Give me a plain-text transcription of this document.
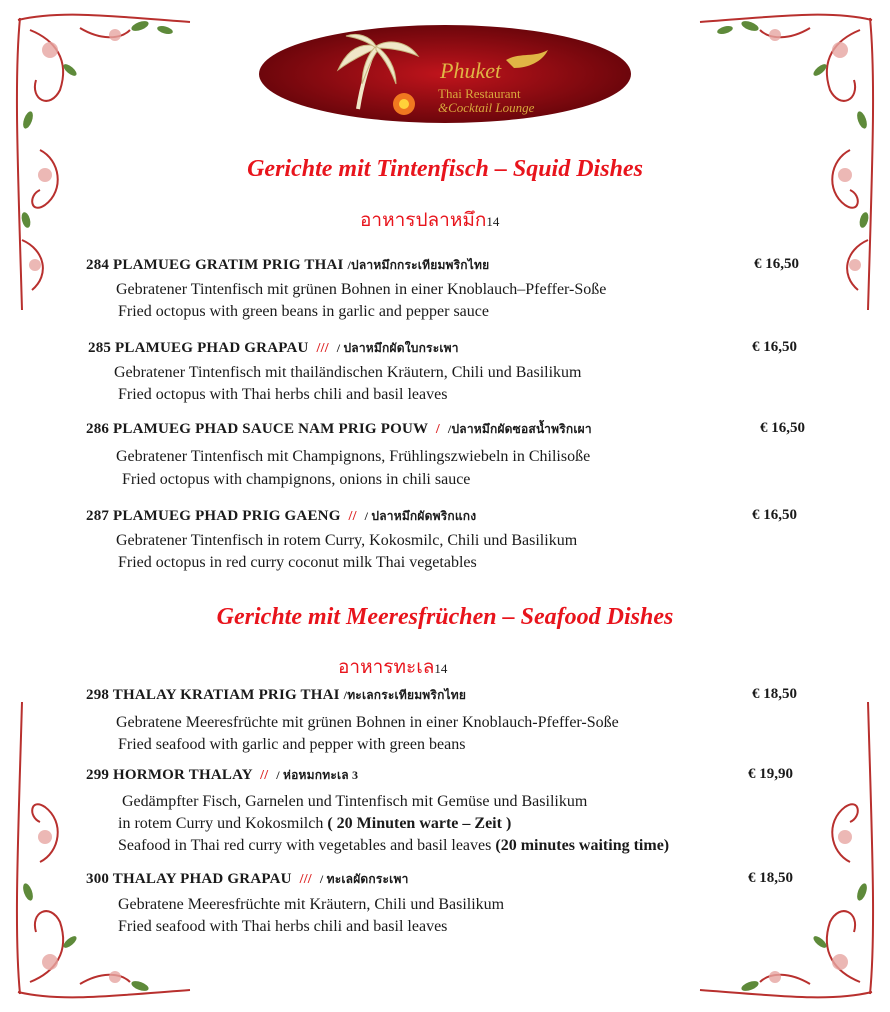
Phuket
Thai Restaurant
&Cocktail Lounge
Gerichte mit Tintenfisch – Squid Dishes
อาหารปลาหมึก14
284 PLAMUEG GRATIM PRIG THAI /ปลาหมึกกระเทียมพริกไทย	€ 16,50
Gebratener Tintenfisch mit grünen Bohnen in einer Knoblauch–Pfeffer-Soße
Fried octopus with green beans in garlic and pepper sauce
285 PLAMUEG PHAD GRAPAU /// / ปลาหมึกผัดใบกระเพา	€ 16,50
Gebratener Tintenfisch mit thailändischen Kräutern, Chili und Basilikum
Fried octopus with Thai herbs chili and basil leaves
286 PLAMUEG PHAD SAUCE NAM PRIG POUW / /ปลาหมึกผัดซอสน้ำพริกเผา	€ 16,50
Gebratener Tintenfisch mit Champignons, Frühlingszwiebeln in Chilisoße
Fried octopus with champignons, onions in chili sauce
287 PLAMUEG PHAD PRIG GAENG // / ปลาหมึกผัดพริกแกง	€ 16,50
Gebratener Tintenfisch in rotem Curry, Kokosmilc, Chili und Basilikum
Fried octopus in red curry coconut milk Thai vegetables
Gerichte mit Meeresfrüchen – Seafood Dishes
อาหารทะเล14
298 THALAY KRATIAM PRIG THAI /ทะเลกระเทียมพริกไทย	€ 18,50
Gebratene Meeresfrüchte mit grünen Bohnen in einer Knoblauch-Pfeffer-Soße
Fried seafood with garlic and pepper with green beans
299 HORMOR THALAY // / ห่อหมกทะเล 3	€ 19,90
Gedämpfter Fisch, Garnelen und Tintenfisch mit Gemüse und Basilikum
in rotem Curry und Kokosmilch ( 20 Minuten warte – Zeit )
Seafood in Thai red curry with vegetables and basil leaves (20 minutes waiting time)
300 THALAY PHAD GRAPAU /// / ทะเลผัดกระเพา	€ 18,50
Gebratene Meeresfrüchte mit Kräutern, Chili und Basilikum
Fried seafood with Thai herbs chili and basil leaves
